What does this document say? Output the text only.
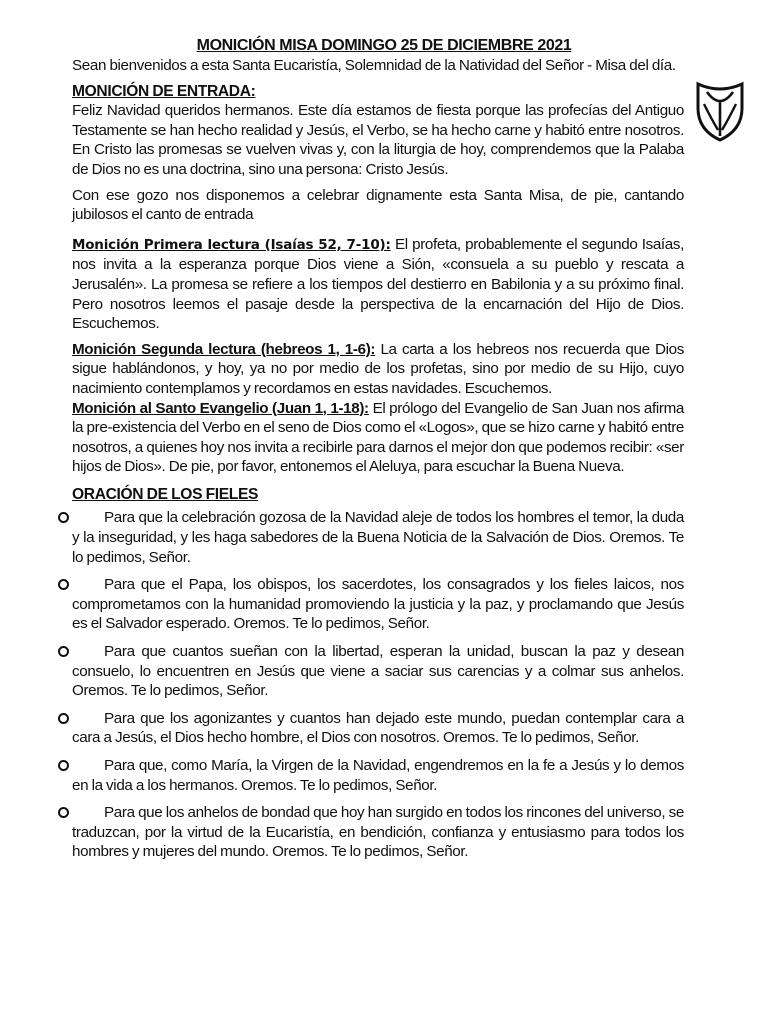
MONICIÓN MISA DOMINGO 25 DE DICIEMBRE 2021

Sean bienvenidos a esta Santa Eucaristía, Solemnidad de la Natividad del Señor - Misa del día.

MONICIÓN DE ENTRADA:

Feliz Navidad queridos hermanos. Este día estamos de fiesta porque las profecías del Antiguo Testamente se han hecho realidad y Jesús, el Verbo, se ha hecho carne y habitó entre nosotros. En Cristo las promesas se vuelven vivas y, con la liturgia de hoy, comprendemos que la Palaba de Dios no es una doctrina, sino una persona: Cristo Jesús.

Con ese gozo nos disponemos a celebrar dignamente esta Santa Misa, de pie, cantando jubilosos el canto de entrada

Monición Primera lectura (Isaías 52, 7-10): El profeta, probablemente el segundo Isaías, nos invita a la esperanza porque Dios viene a Sión, «consuela a su pueblo y rescata a Jerusalén». La promesa se refiere a los tiempos del destierro en Babilonia y a su próximo final. Pero nosotros leemos el pasaje desde la perspectiva de la encarnación del Hijo de Dios. Escuchemos.

Monición Segunda lectura (hebreos 1, 1-6): La carta a los hebreos nos recuerda que Dios sigue hablándonos, y hoy, ya no por medio de los profetas, sino por medio de su Hijo, cuyo nacimiento contemplamos y recordamos en estas navidades. Escuchemos.

Monición al Santo Evangelio (Juan 1, 1-18): El prólogo del Evangelio de San Juan nos afirma la pre-existencia del Verbo en el seno de Dios como el «Logos», que se hizo carne y habitó entre nosotros, a quienes hoy nos invita a recibirle para darnos el mejor don que podemos recibir: «ser hijos de Dios». De pie, por favor, entonemos el Aleluya, para escuchar la Buena Nueva.

ORACIÓN DE LOS FIELES
Para que la celebración gozosa de la Navidad aleje de todos los hombres el temor, la duda y la inseguridad, y les haga sabedores de la Buena Noticia de la Salvación de Dios. Oremos. Te lo pedimos, Señor.
Para que el Papa, los obispos, los sacerdotes, los consagrados y los fieles laicos, nos comprometamos con la humanidad promoviendo la justicia y la paz, y proclamando que Jesús es el Salvador esperado. Oremos. Te lo pedimos, Señor.
Para que cuantos sueñan con la libertad, esperan la unidad, buscan la paz y desean consuelo, lo encuentren en Jesús que viene a saciar sus carencias y a colmar sus anhelos. Oremos. Te lo pedimos, Señor.
Para que los agonizantes y cuantos han dejado este mundo, puedan contemplar cara a cara a Jesús, el Dios hecho hombre, el Dios con nosotros. Oremos. Te lo pedimos, Señor.
Para que, como María, la Virgen de la Navidad, engendremos en la fe a Jesús y lo demos en la vida a los hermanos. Oremos. Te lo pedimos, Señor.
Para que los anhelos de bondad que hoy han surgido en todos los rincones del universo, se traduzcan, por la virtud de la Eucaristía, en bendición, confianza y entusiasmo para todos los hombres y mujeres del mundo. Oremos. Te lo pedimos, Señor.
